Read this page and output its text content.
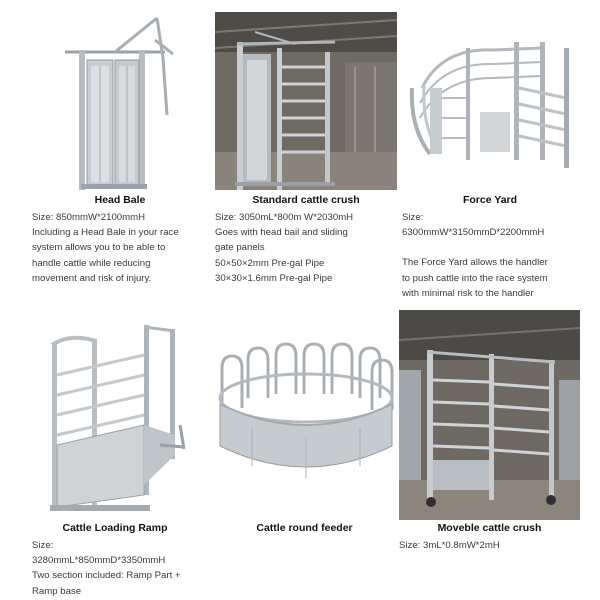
Head Bale
Size: 850mmW*2100mmH
Including a Head Bale in your race
system allows you to be able to
handle cattle while reducing
movement and risk of injury.
Standard cattle crush
Size: 3050mL*800m W*2030mH
Goes with head bail and sliding
gate panels
50×50×2mm Pre-gal Pipe
30×30×1.6mm Pre-gal Pipe
Force Yard
Size:
6300mmW*3150mmD*2200mmH
The Force Yard allows the handler
to push cattle into the race system
with minimal risk to the handler
Cattle Loading Ramp
Size:
3280mmL*850mmD*3350mmH
Two section included: Ramp Part +
Ramp base
Cattle round feeder	Moveble cattle crush
Size: 3mL*0.8mW*2mH
